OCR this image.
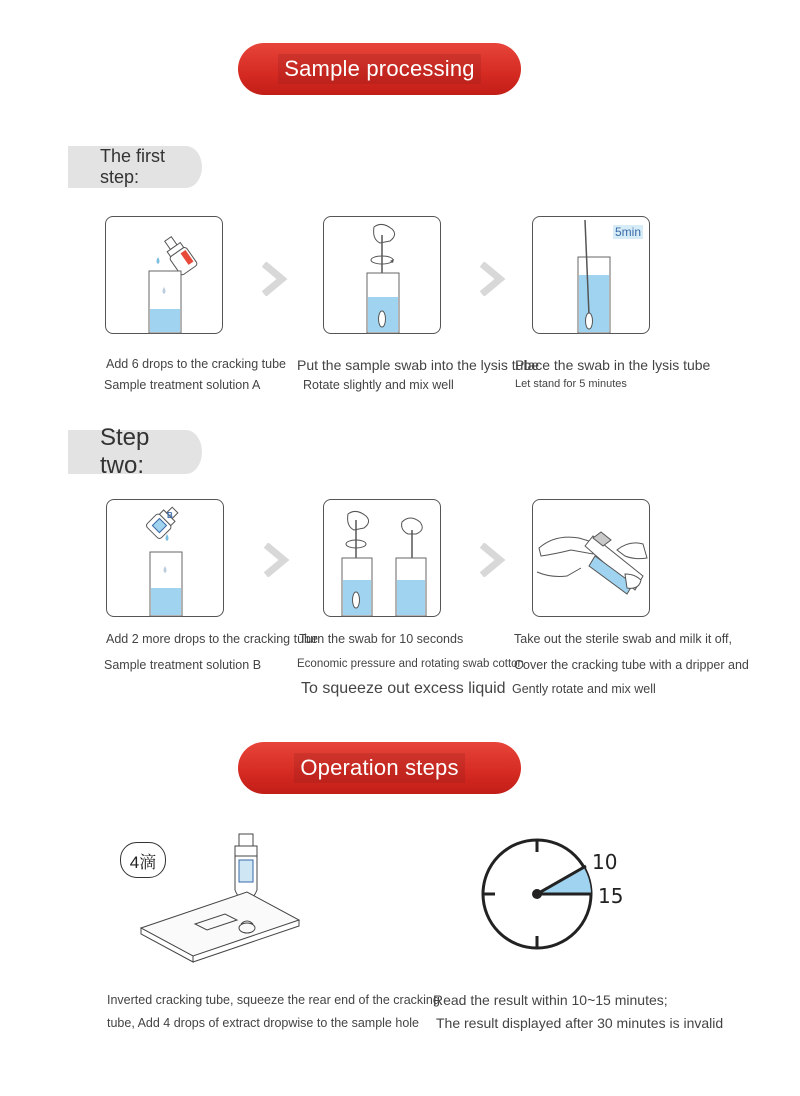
Sample processing
The first step:
A	5min
Add 6 drops to the cracking tube
Sample treatment solution A
Put the sample swab into the lysis tube
Rotate slightly and mix well
Place the swab in the lysis tube
Let stand for 5 minutes
Step two:
B
Add 2 more drops to the cracking tube
Sample treatment solution B
Turn the swab for 10 seconds
Economic pressure and rotating swab cotton
To squeeze out excess liquid
Take out the sterile swab and milk it off,
Cover the cracking tube with a dripper and
Gently rotate and mix well
Operation steps
4滴	10
15
Inverted cracking tube, squeeze the rear end of the cracking
tube, Add 4 drops of extract dropwise to the sample hole
Read the result within 10~15 minutes;
The result displayed after 30 minutes is invalid
